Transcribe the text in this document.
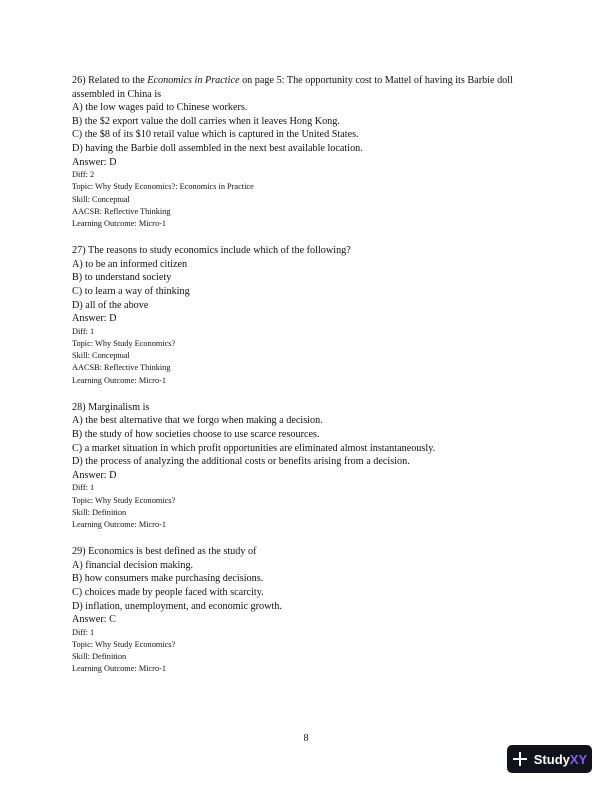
26) Related to the Economics in Practice on page 5: The opportunity cost to Mattel of having its Barbie doll
assembled in China is
A) the low wages paid to Chinese workers.
B) the $2 export value the doll carries when it leaves Hong Kong.
C) the $8 of its $10 retail value which is captured in the United States.
D) having the Barbie doll assembled in the next best available location.
Answer: D
Diff: 2
Topic: Why Study Economics?: Economics in Practice
Skill: Conceptual
AACSB: Reflective Thinking
Learning Outcome: Micro-1
27) The reasons to study economics include which of the following?
A) to be an informed citizen
B) to understand society
C) to learn a way of thinking
D) all of the above
Answer: D
Diff: 1
Topic: Why Study Economics?
Skill: Conceptual
AACSB: Reflective Thinking
Learning Outcome: Micro-1
28) Marginalism is
A) the best alternative that we forgo when making a decision.
B) the study of how societies choose to use scarce resources.
C) a market situation in which profit opportunities are eliminated almost instantaneously.
D) the process of analyzing the additional costs or benefits arising from a decision.
Answer: D
Diff: 1
Topic: Why Study Economics?
Skill: Definition
Learning Outcome: Micro-1
29) Economics is best defined as the study of
A) financial decision making.
B) how consumers make purchasing decisions.
C) choices made by people faced with scarcity.
D) inflation, unemployment, and economic growth.
Answer: C
Diff: 1
Topic: Why Study Economics?
Skill: Definition
Learning Outcome: Micro-1
8
Study XY
